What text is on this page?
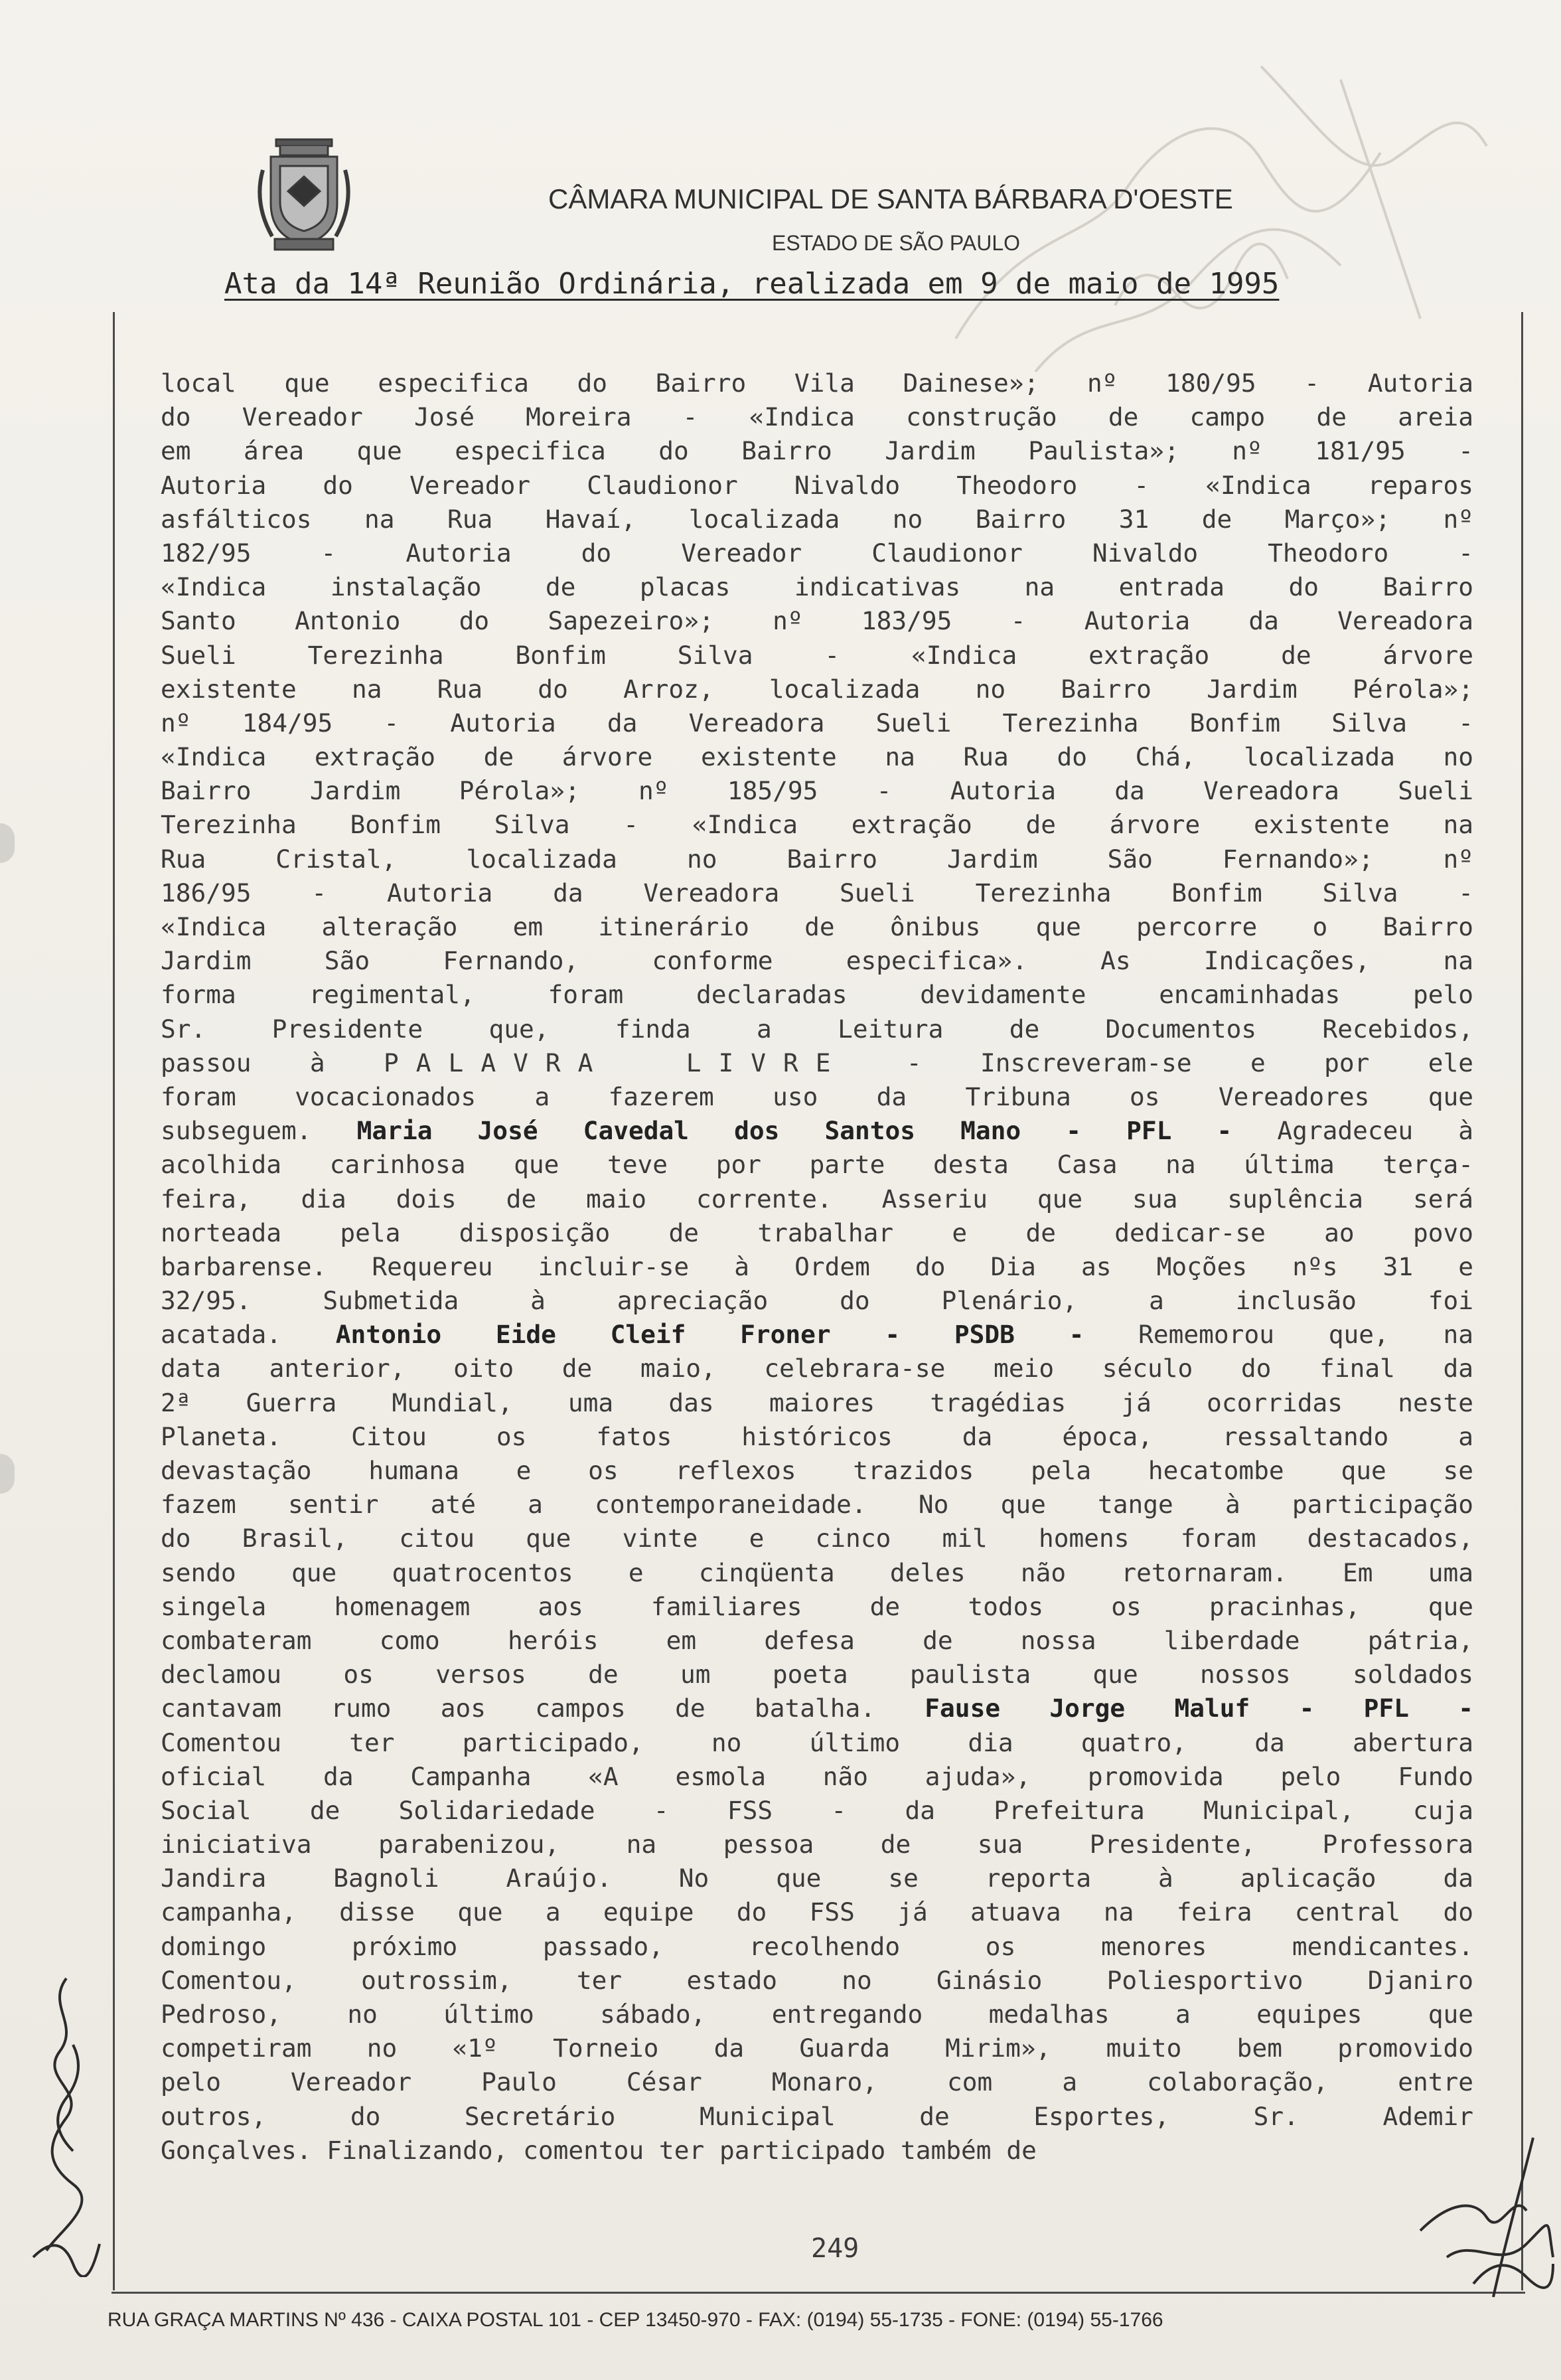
CÂMARA MUNICIPAL DE SANTA BÁRBARA D'OESTE
ESTADO DE SÃO PAULO
Ata da 14ª Reunião Ordinária, realizada em 9 de maio de 1995
local que especifica do Bairro Vila Dainese»; nº 180/95 - Autoria
do Vereador José Moreira - «Indica construção de campo de areia
em área que especifica do Bairro Jardim Paulista»; nº 181/95 -
Autoria do Vereador Claudionor Nivaldo Theodoro - «Indica reparos
asfálticos na Rua Havaí, localizada no Bairro 31 de Março»; nº
182/95 - Autoria do Vereador Claudionor Nivaldo Theodoro -
«Indica instalação de placas indicativas na entrada do Bairro
Santo Antonio do Sapezeiro»; nº 183/95 - Autoria da Vereadora
Sueli Terezinha Bonfim Silva - «Indica extração de árvore
existente na Rua do Arroz, localizada no Bairro Jardim Pérola»;
nº 184/95 - Autoria da Vereadora Sueli Terezinha Bonfim Silva -
«Indica extração de árvore existente na Rua do Chá, localizada no
Bairro Jardim Pérola»; nº 185/95 - Autoria da Vereadora Sueli
Terezinha Bonfim Silva - «Indica extração de árvore existente na
Rua Cristal, localizada no Bairro Jardim São Fernando»; nº
186/95 - Autoria da Vereadora Sueli Terezinha Bonfim Silva -
«Indica alteração em itinerário de ônibus que percorre o Bairro
Jardim São Fernando, conforme especifica». As Indicações, na
forma regimental, foram declaradas devidamente encaminhadas pelo
Sr. Presidente que, finda a Leitura de Documentos Recebidos,
passou à PALAVRA LIVRE - Inscreveram-se e por ele
foram vocacionados a fazerem uso da Tribuna os Vereadores que
subseguem. Maria José Cavedal dos Santos Mano - PFL - Agradeceu à
acolhida carinhosa que teve por parte desta Casa na última terça-
feira, dia dois de maio corrente. Asseriu que sua suplência será
norteada pela disposição de trabalhar e de dedicar-se ao povo
barbarense. Requereu incluir-se à Ordem do Dia as Moções nºs 31 e
32/95. Submetida à apreciação do Plenário, a inclusão foi
acatada. Antonio Eide Cleif Froner - PSDB - Rememorou que, na
data anterior, oito de maio, celebrara-se meio século do final da
2ª Guerra Mundial, uma das maiores tragédias já ocorridas neste
Planeta. Citou os fatos históricos da época, ressaltando a
devastação humana e os reflexos trazidos pela hecatombe que se
fazem sentir até a contemporaneidade. No que tange à participação
do Brasil, citou que vinte e cinco mil homens foram destacados,
sendo que quatrocentos e cinqüenta deles não retornaram. Em uma
singela homenagem aos familiares de todos os pracinhas, que
combateram como heróis em defesa de nossa liberdade pátria,
declamou os versos de um poeta paulista que nossos soldados
cantavam rumo aos campos de batalha. Fause Jorge Maluf - PFL -
Comentou ter participado, no último dia quatro, da abertura
oficial da Campanha «A esmola não ajuda», promovida pelo Fundo
Social de Solidariedade - FSS - da Prefeitura Municipal, cuja
iniciativa parabenizou, na pessoa de sua Presidente, Professora
Jandira Bagnoli Araújo. No que se reporta à aplicação da
campanha, disse que a equipe do FSS já atuava na feira central do
domingo próximo passado, recolhendo os menores mendicantes.
Comentou, outrossim, ter estado no Ginásio Poliesportivo Djaniro
Pedroso, no último sábado, entregando medalhas a equipes que
competiram no «1º Torneio da Guarda Mirim», muito bem promovido
pelo Vereador Paulo César Monaro, com a colaboração, entre
outros, do Secretário Municipal de Esportes, Sr. Ademir
Gonçalves. Finalizando, comentou ter participado também de
249
RUA GRAÇA MARTINS Nº 436 - CAIXA POSTAL 101 - CEP 13450-970 - FAX: (0194) 55-1735 - FONE: (0194) 55-1766
